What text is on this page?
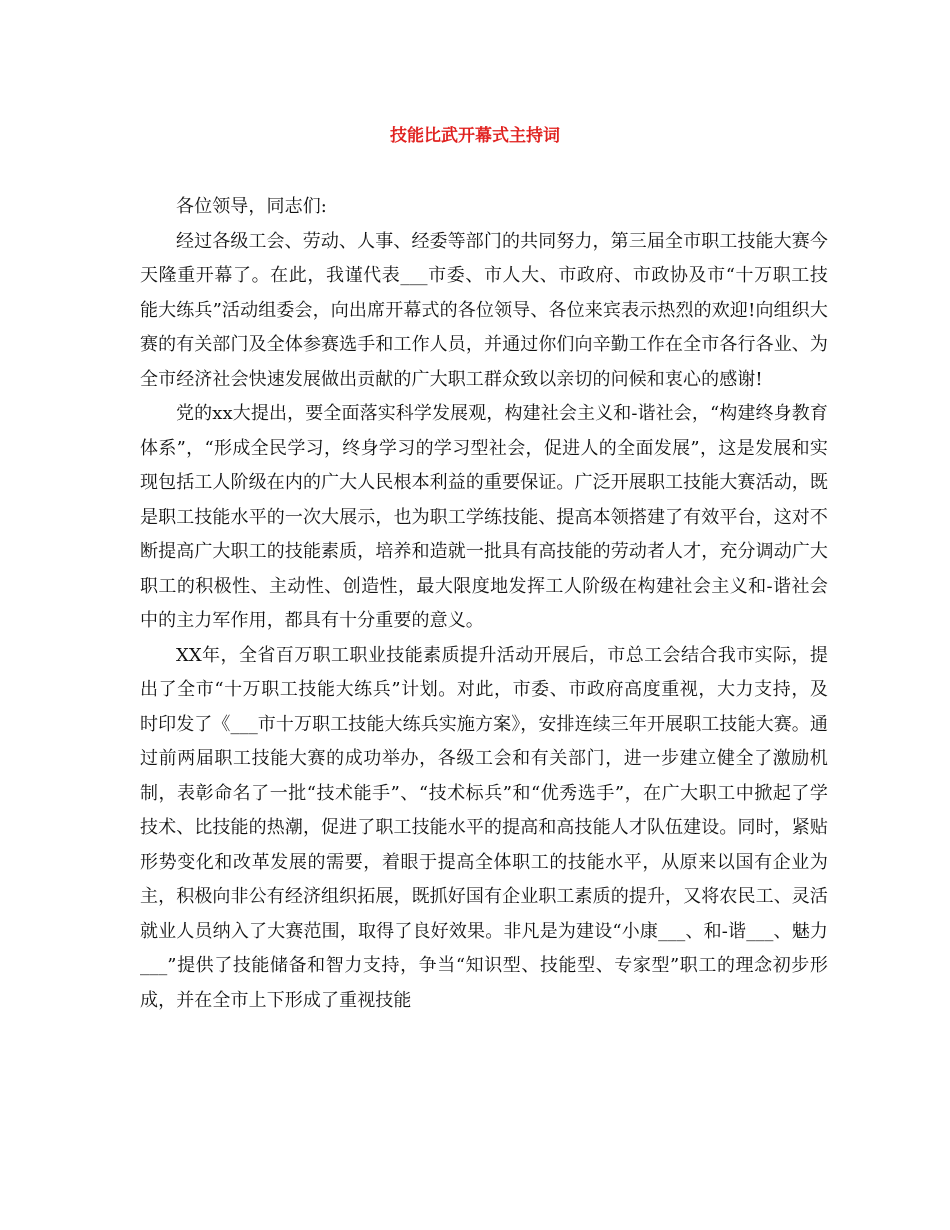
技能比武开幕式主持词

各位领导，同志们:

经过各级工会、劳动、人事、经委等部门的共同努力，第三届全市职工技能大赛今天隆重开幕了。在此，我谨代表___市委、市人大、市政府、市政协及市“十万职工技能大练兵”活动组委会，向出席开幕式的各位领导、各位来宾表示热烈的欢迎!向组织大赛的有关部门及全体参赛选手和工作人员，并通过你们向辛勤工作在全市各行各业、为全市经济社会快速发展做出贡献的广大职工群众致以亲切的问候和衷心的感谢!

党的xx大提出，要全面落实科学发展观，构建社会主义和-谐社会，“构建终身教育体系”，“形成全民学习，终身学习的学习型社会，促进人的全面发展”，这是发展和实现包括工人阶级在内的广大人民根本利益的重要保证。广泛开展职工技能大赛活动，既是职工技能水平的一次大展示，也为职工学练技能、提高本领搭建了有效平台，这对不断提高广大职工的技能素质，培养和造就一批具有高技能的劳动者人才，充分调动广大职工的积极性、主动性、创造性，最大限度地发挥工人阶级在构建社会主义和-谐社会中的主力军作用，都具有十分重要的意义。

XX年，全省百万职工职业技能素质提升活动开展后，市总工会结合我市实际，提出了全市“十万职工技能大练兵”计划。对此，市委、市政府高度重视，大力支持，及时印发了《___市十万职工技能大练兵实施方案》，安排连续三年开展职工技能大赛。通过前两届职工技能大赛的成功举办，各级工会和有关部门，进一步建立健全了激励机制，表彰命名了一批“技术能手”、“技术标兵”和“优秀选手”，在广大职工中掀起了学技术、比技能的热潮，促进了职工技能水平的提高和高技能人才队伍建设。同时，紧贴形势变化和改革发展的需要，着眼于提高全体职工的技能水平，从原来以国有企业为主，积极向非公有经济组织拓展，既抓好国有企业职工素质的提升，又将农民工、灵活就业人员纳入了大赛范围，取得了良好效果。非凡是为建设“小康___、和-谐___、魅力___”提供了技能储备和智力支持，争当“知识型、技能型、专家型”职工的理念初步形成，并在全市上下形成了重视技能
